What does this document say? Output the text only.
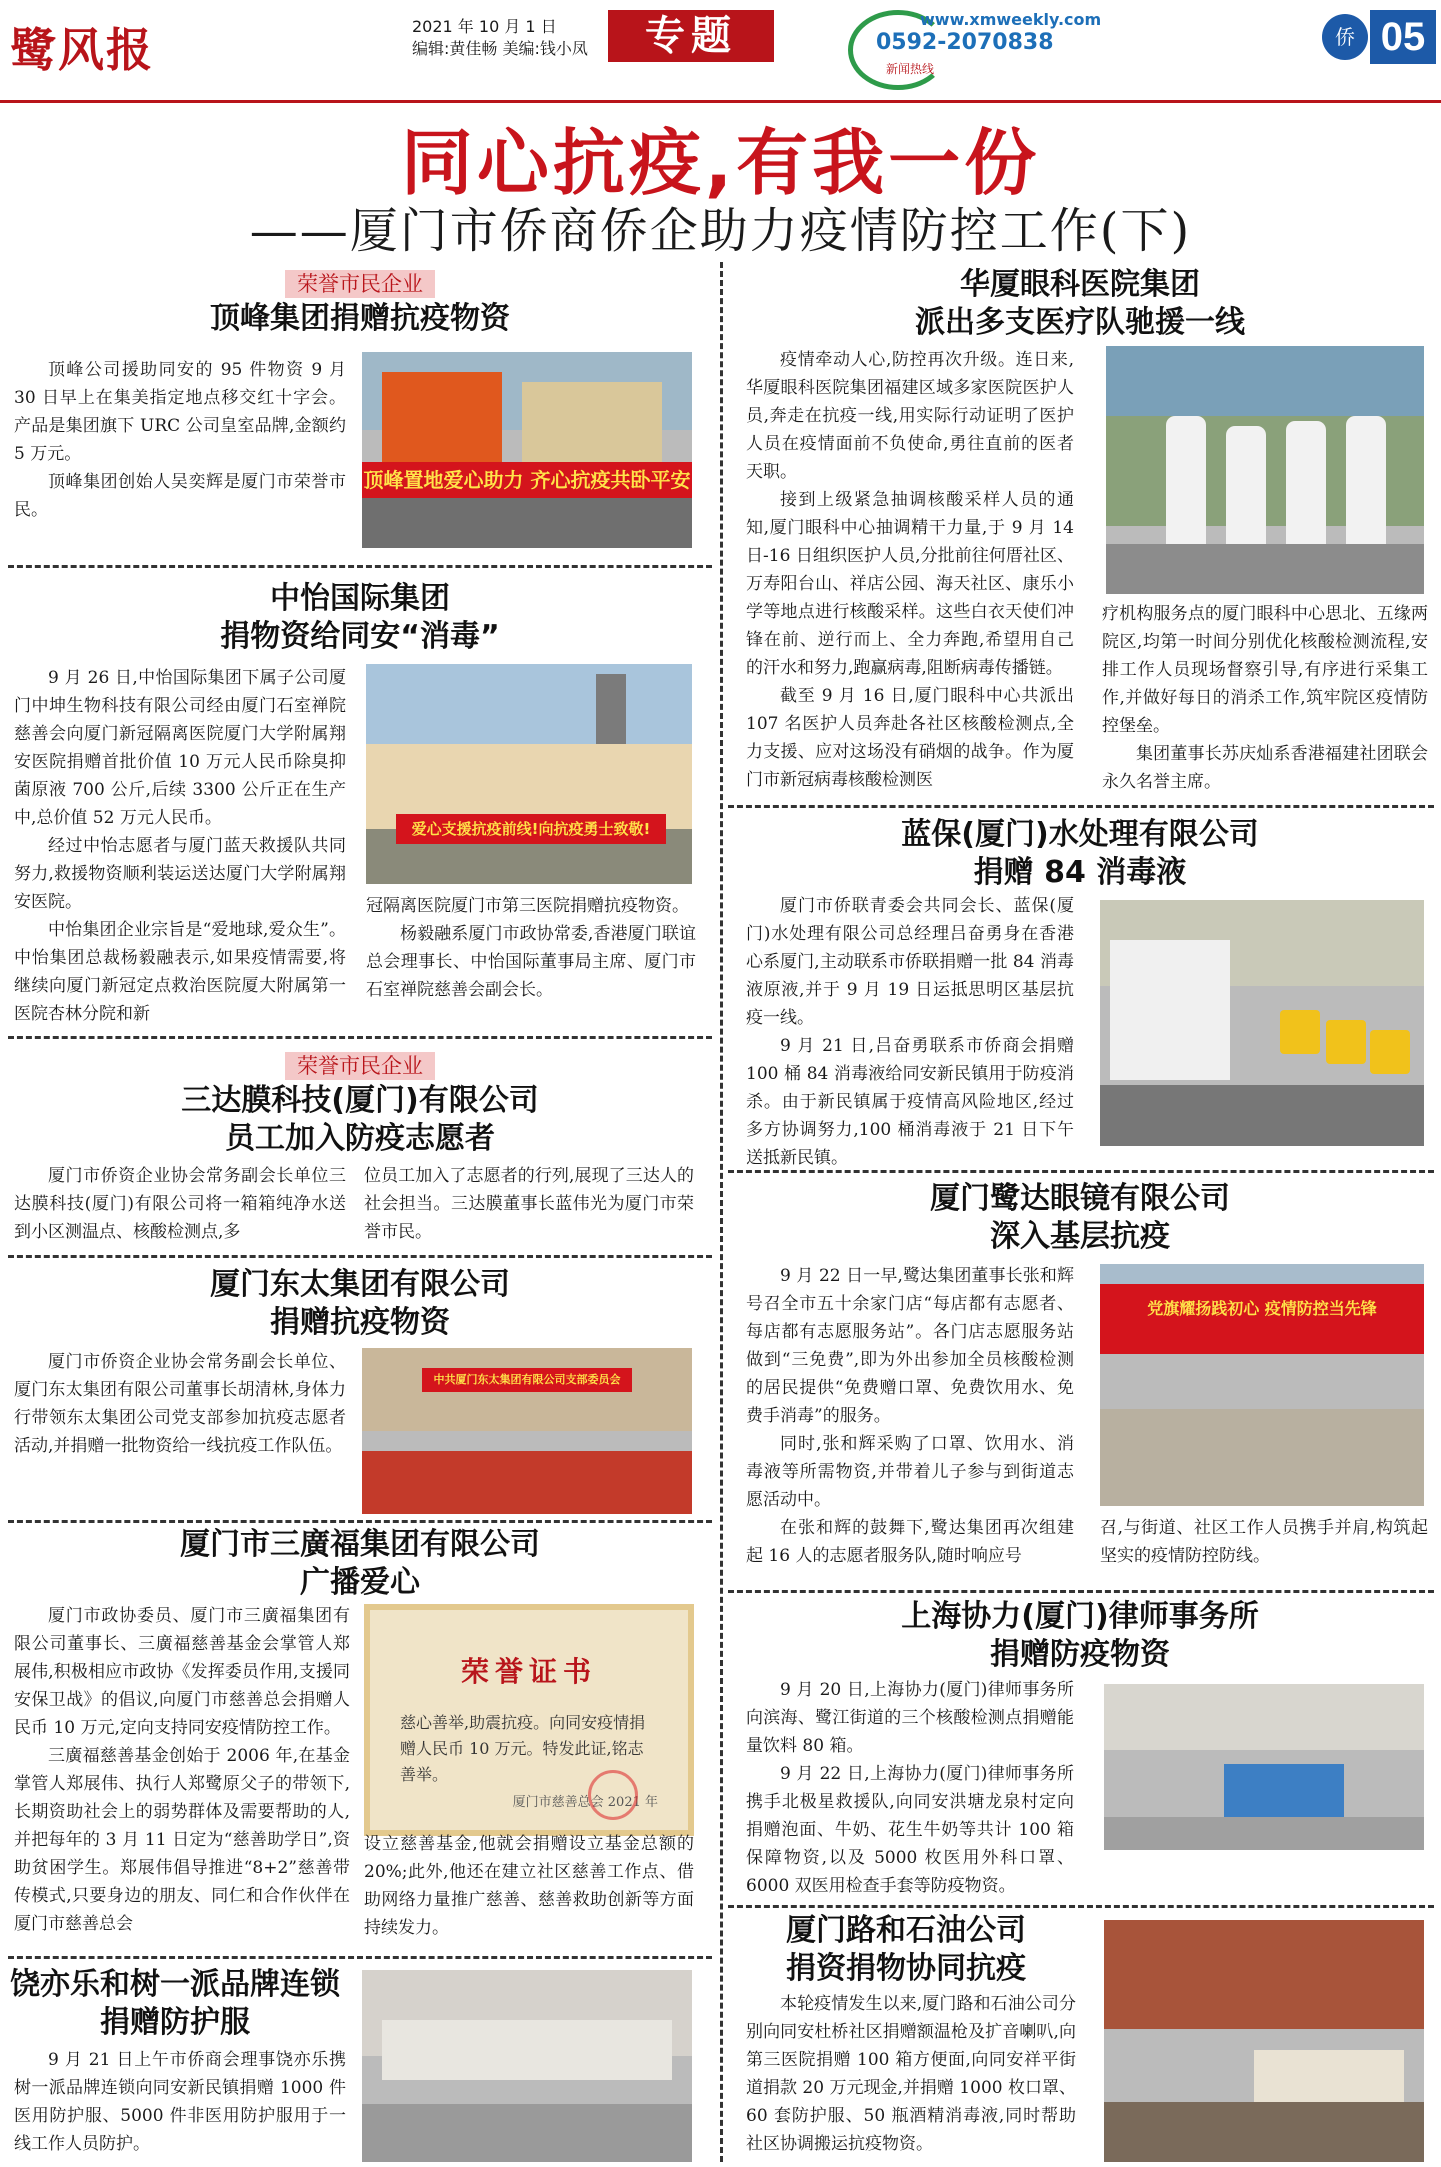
鹭风报	2021 年 10 月 1 日
编辑:黄佳畅 美编:钱小凤	专题	www.xmweekly.com
0592-2070838
新闻热线
侨 05
同心抗疫,有我一份
——厦门市侨商侨企助力疫情防控工作(下)
荣誉市民企业
顶峰集团捐赠抗疫物资
顶峰公司援助同安的 95 件物资 9 月 30 日早上在集美指定地点移交红十字会。产品是集团旗下 URC 公司皇室品牌,金额约 5 万元。
顶峰集团创始人吴奕辉是厦门市荣誉市民。
顶峰置地爱心助力 齐心抗疫共卧平安
中怡国际集团
捐物资给同安“消毒”
9 月 26 日,中怡国际集团下属子公司厦门中坤生物科技有限公司经由厦门石室禅院慈善会向厦门新冠隔离医院厦门大学附属翔安医院捐赠首批价值 10 万元人民币除臭抑菌原液 700 公斤,后续 3300 公斤正在生产中,总价值 52 万元人民币。
经过中怡志愿者与厦门蓝天救援队共同努力,救援物资顺利装运送达厦门大学附属翔安医院。
中怡集团企业宗旨是“爱地球,爱众生”。中怡集团总裁杨毅融表示,如果疫情需要,将继续向厦门新冠定点救治医院厦大附属第一医院杏林分院和新
爱心支援抗疫前线!向抗疫勇士致敬!
冠隔离医院厦门市第三医院捐赠抗疫物资。
杨毅融系厦门市政协常委,香港厦门联谊总会理事长、中怡国际董事局主席、厦门市石室禅院慈善会副会长。
荣誉市民企业
三达膜科技(厦门)有限公司
员工加入防疫志愿者
厦门市侨资企业协会常务副会长单位三达膜科技(厦门)有限公司将一箱箱纯净水送到小区测温点、核酸检测点,多
位员工加入了志愿者的行列,展现了三达人的社会担当。三达膜董事长蓝伟光为厦门市荣誉市民。
厦门东太集团有限公司
捐赠抗疫物资
厦门市侨资企业协会常务副会长单位、厦门东太集团有限公司董事长胡清林,身体力行带领东太集团公司党支部参加抗疫志愿者活动,并捐赠一批物资给一线抗疫工作队伍。
中共厦门东太集团有限公司支部委员会
厦门市三廣福集团有限公司
广播爱心
厦门市政协委员、厦门市三廣福集团有限公司董事长、三廣福慈善基金会掌管人郑展伟,积极相应市政协《发挥委员作用,支援同安保卫战》的倡议,向厦门市慈善总会捐赠人民币 10 万元,定向支持同安疫情防控工作。
三廣福慈善基金创始于 2006 年,在基金掌管人郑展伟、执行人郑鹭原父子的带领下,长期资助社会上的弱势群体及需要帮助的人,并把每年的 3 月 11 日定为“慈善助学日”,资助贫困学生。郑展伟倡导推进“8+2”慈善带传模式,只要身边的朋友、同仁和合作伙伴在厦门市慈善总会
荣誉证书
慈心善举,助震抗疫。向同安疫情捐赠人民币 10 万元。特发此证,铭志善举。
厦门市慈善总会 2021 年
设立慈善基金,他就会捐赠设立基金总额的 20%;此外,他还在建立社区慈善工作点、借助网络力量推广慈善、慈善救助创新等方面持续发力。
饶亦乐和树一派品牌连锁
捐赠防护服
9 月 21 日上午市侨商会理事饶亦乐携树一派品牌连锁向同安新民镇捐赠 1000 件医用防护服、5000 件非医用防护服用于一线工作人员防护。
华厦眼科医院集团
派出多支医疗队驰援一线
疫情牵动人心,防控再次升级。连日来,华厦眼科医院集团福建区域多家医院医护人员,奔走在抗疫一线,用实际行动证明了医护人员在疫情面前不负使命,勇往直前的医者天职。
接到上级紧急抽调核酸采样人员的通知,厦门眼科中心抽调精干力量,于 9 月 14 日-16 日组织医护人员,分批前往何厝社区、万寿阳台山、祥店公园、海天社区、康乐小学等地点进行核酸采样。这些白衣天使们冲锋在前、逆行而上、全力奔跑,希望用自己的汗水和努力,跑赢病毒,阻断病毒传播链。
截至 9 月 16 日,厦门眼科中心共派出 107 名医护人员奔赴各社区核酸检测点,全力支援、应对这场没有硝烟的战争。作为厦门市新冠病毒核酸检测医
疗机构服务点的厦门眼科中心思北、五缘两院区,均第一时间分别优化核酸检测流程,安排工作人员现场督察引导,有序进行采集工作,并做好每日的消杀工作,筑牢院区疫情防控堡垒。
集团董事长苏庆灿系香港福建社团联会永久名誉主席。
蓝保(厦门)水处理有限公司
捐赠 84 消毒液
厦门市侨联青委会共同会长、蓝保(厦门)水处理有限公司总经理吕奋勇身在香港心系厦门,主动联系市侨联捐赠一批 84 消毒液原液,并于 9 月 19 日运抵思明区基层抗疫一线。
9 月 21 日,吕奋勇联系市侨商会捐赠 100 桶 84 消毒液给同安新民镇用于防疫消杀。由于新民镇属于疫情高风险地区,经过多方协调努力,100 桶消毒液于 21 日下午送抵新民镇。
厦门鹭达眼镜有限公司
深入基层抗疫
9 月 22 日一早,鹭达集团董事长张和辉号召全市五十余家门店“每店都有志愿者、每店都有志愿服务站”。各门店志愿服务站做到“三免费”,即为外出参加全员核酸检测的居民提供“免费赠口罩、免费饮用水、免费手消毒”的服务。
同时,张和辉采购了口罩、饮用水、消毒液等所需物资,并带着儿子参与到街道志愿活动中。
在张和辉的鼓舞下,鹭达集团再次组建起 16 人的志愿者服务队,随时响应号
党旗耀扬践初心 疫情防控当先锋
召,与街道、社区工作人员携手并肩,构筑起坚实的疫情防控防线。
上海协力(厦门)律师事务所
捐赠防疫物资
9 月 20 日,上海协力(厦门)律师事务所向滨海、鹭江街道的三个核酸检测点捐赠能量饮料 80 箱。
9 月 22 日,上海协力(厦门)律师事务所携手北极星救援队,向同安洪塘龙泉村定向捐赠泡面、牛奶、花生牛奶等共计 100 箱保障物资,以及 5000 枚医用外科口罩、6000 双医用检查手套等防疫物资。
厦门路和石油公司
捐资捐物协同抗疫
本轮疫情发生以来,厦门路和石油公司分别向同安杜桥社区捐赠额温枪及扩音喇叭,向第三医院捐赠 100 箱方便面,向同安祥平街道捐款 20 万元现金,并捐赠 1000 枚口罩、60 套防护服、50 瓶酒精消毒液,同时帮助社区协调搬运抗疫物资。
